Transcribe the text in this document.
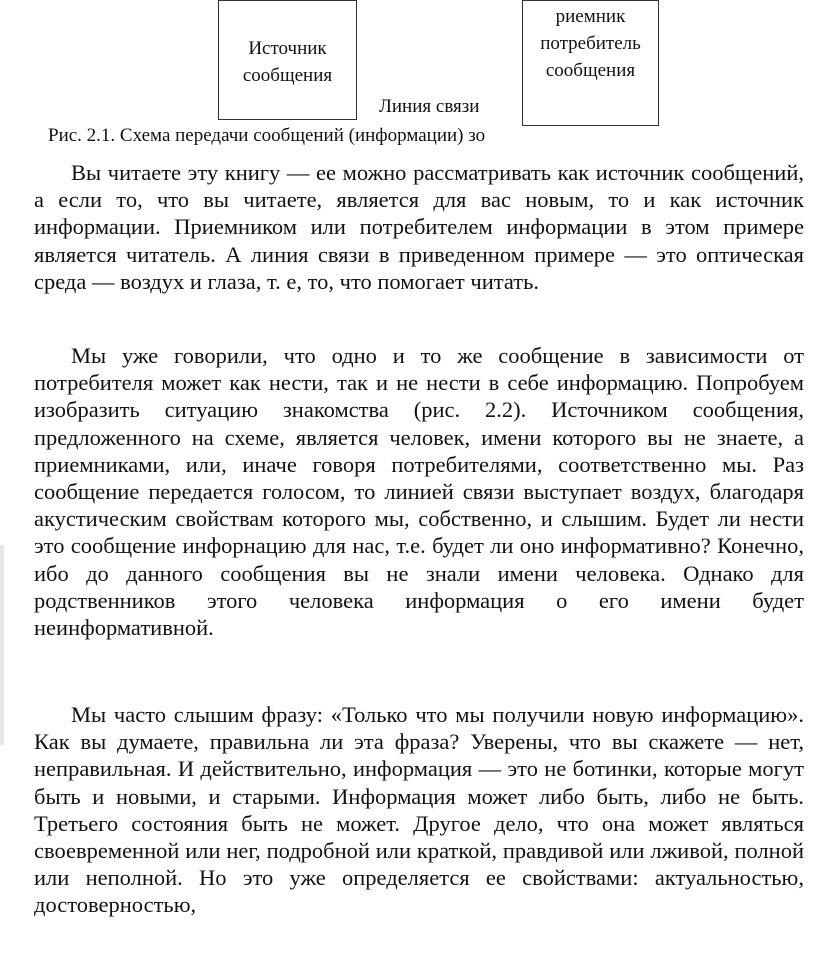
Источник
сообщения
риемник
потребитель
сообщения
Линия связи
Рис. 2.1. Схема передачи сообщений (информации) зо

Вы читаете эту книгу — ее можно рассматривать как источник сообщений, а если то, что вы читаете, является для вас новым, то и как источник информации. Приемником или потребителем информации в этом примере является читатель. А линия связи в приведенном примере — это оптическая среда — воздух и глаза, т. е, то, что помогает читать.

Мы уже говорили, что одно и то же сообщение в зависимости от потребителя может как нести, так и не нести в себе информацию. Попробуем изобразить ситуацию знакомства (рис. 2.2). Источником сообщения, предложенного на схеме, является человек, имени которого вы не знаете, а приемниками, или, иначе говоря потребителями, соответственно мы. Раз сообщение передается голосом, то линией связи выступает воздух, благодаря акустическим свойствам которого мы, собственно, и слышим. Будет ли нести это сообщение инфорнацию для нас, т.е. будет ли оно информативно? Конечно, ибо до данного сообщения вы не знали имени человека. Однако для родственников этого человека информация о его имени будет неинформативной.

Мы часто слышим фразу: «Только что мы получили новую информацию». Как вы думаете, правильна ли эта фраза? Уверены, что вы скажете — нет, неправильная. И действительно, информация — это не ботинки, которые могут быть и новыми, и старыми. Информация может либо быть, либо не быть. Третьего состояния быть не может. Другое дело, что она может являться своевременной или нег, подробной или краткой, правдивой или лживой, полной или неполной. Но это уже определяется ее свойствами: актуальностью, достоверностью,
